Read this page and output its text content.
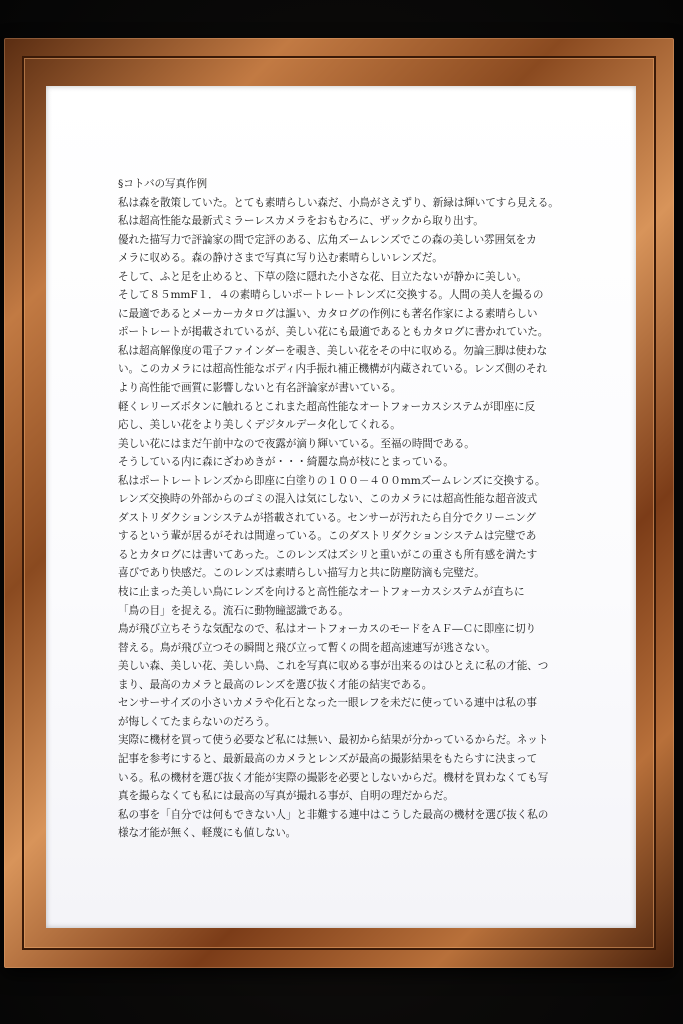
§コトバの写真作例
私は森を散策していた。とても素晴らしい森だ、小鳥がさえずり、新緑は輝いてすら見える。
私は超高性能な最新式ミラーレスカメラをおもむろに、ザックから取り出す。
優れた描写力で評論家の間で定評のある、広角ズームレンズでこの森の美しい雰囲気をカ
メラに収める。森の静けさまで写真に写り込む素晴らしいレンズだ。
そして、ふと足を止めると、下草の陰に隠れた小さな花、目立たないが静かに美しい。
そして８５mmF１．４の素晴らしいポートレートレンズに交換する。人間の美人を撮るの
に最適であるとメーカーカタログは謳い、カタログの作例にも著名作家による素晴らしい
ポートレートが掲載されているが、美しい花にも最適であるともカタログに書かれていた。
私は超高解像度の電子ファインダーを覗き、美しい花をその中に収める。勿論三脚は使わな
い。このカメラには超高性能なボディ内手振れ補正機構が内蔵されている。レンズ側のそれ
より高性能で画質に影響しないと有名評論家が書いている。
軽くレリーズボタンに触れるとこれまた超高性能なオートフォーカスシステムが即座に反
応し、美しい花をより美しくデジタルデータ化してくれる。
美しい花にはまだ午前中なので夜露が滴り輝いている。至福の時間である。
そうしている内に森にざわめきが・・・綺麗な鳥が枝にとまっている。
私はポートレートレンズから即座に白塗りの１００－４００mmズームレンズに交換する。
レンズ交換時の外部からのゴミの混入は気にしない、このカメラには超高性能な超音波式
ダストリダクションシステムが搭載されている。センサーが汚れたら自分でクリーニング
するという輩が居るがそれは間違っている。このダストリダクションシステムは完璧であ
るとカタログには書いてあった。このレンズはズシリと重いがこの重さも所有感を満たす
喜びであり快感だ。このレンズは素晴らしい描写力と共に防塵防滴も完璧だ。
枝に止まった美しい鳥にレンズを向けると高性能なオートフォーカスシステムが直ちに
「鳥の目」を捉える。流石に動物瞳認識である。
鳥が飛び立ちそうな気配なので、私はオートフォーカスのモードをＡＦ―Ｃに即座に切り
替える。鳥が飛び立つその瞬間と飛び立って暫くの間を超高速連写が逃さない。
美しい森、美しい花、美しい鳥、これを写真に収める事が出来るのはひとえに私の才能、つ
まり、最高のカメラと最高のレンズを選び抜く才能の結実である。
センサーサイズの小さいカメラや化石となった一眼レフを未だに使っている連中は私の事
が悔しくてたまらないのだろう。
実際に機材を買って使う必要など私には無い、最初から結果が分かっているからだ。ネット
記事を参考にすると、最新最高のカメラとレンズが最高の撮影結果をもたらすに決まって
いる。私の機材を選び抜く才能が実際の撮影を必要としないからだ。機材を買わなくても写
真を撮らなくても私には最高の写真が撮れる事が、自明の理だからだ。
私の事を「自分では何もできない人」と非難する連中はこうした最高の機材を選び抜く私の
様な才能が無く、軽蔑にも値しない。
